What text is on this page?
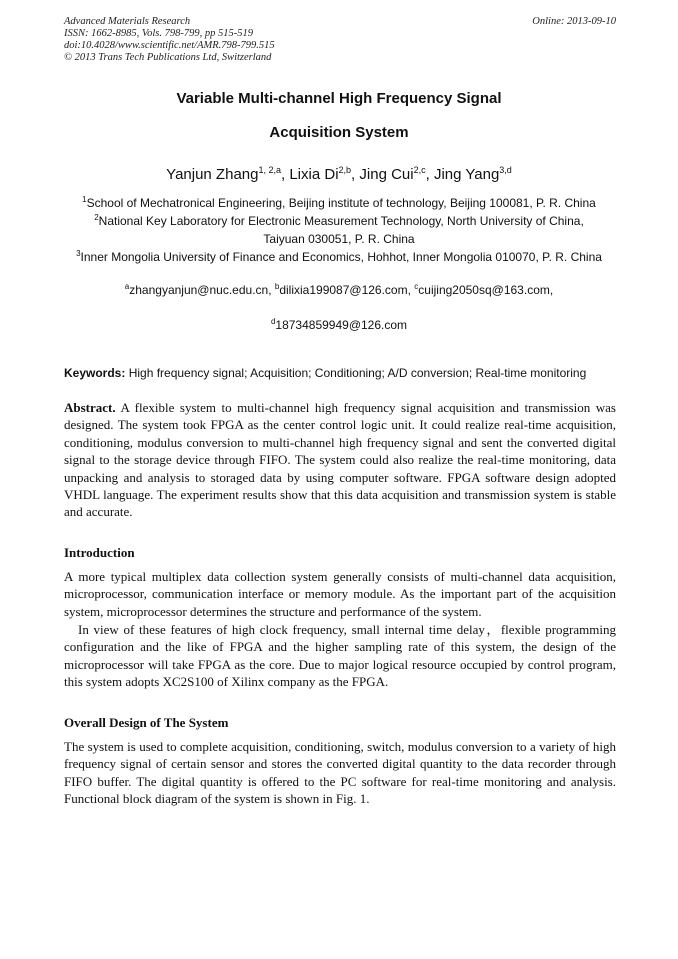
Advanced Materials Research
ISSN: 1662-8985, Vols. 798-799, pp 515-519
doi:10.4028/www.scientific.net/AMR.798-799.515
© 2013 Trans Tech Publications Ltd, Switzerland
Online: 2013-09-10
Variable Multi-channel High Frequency Signal
Acquisition System
Yanjun Zhang$^{1, 2,a}$, Lixia Di$^{2,b}$, Jing Cui$^{2,c}$, Jing Yang$^{3,d}$
$^1$School of Mechatronical Engineering, Beijing institute of technology, Beijing 100081, P. R. China
$^2$National Key Laboratory for Electronic Measurement Technology, North University of China,
Taiyuan 030051, P. R. China
$^3$Inner Mongolia University of Finance and Economics, Hohhot, Inner Mongolia 010070, P. R. China
$^a$zhangyanjun@nuc.edu.cn, $^b$dilixia199087@126.com, $^c$cuijing2050sq@163.com,
$^d$18734859949@126.com
Keywords: High frequency signal; Acquisition; Conditioning; A/D conversion; Real-time monitoring
Abstract. A flexible system to multi-channel high frequency signal acquisition and transmission was designed. The system took FPGA as the center control logic unit. It could realize real-time acquisition, conditioning, modulus conversion to multi-channel high frequency signal and sent the converted digital signal to the storage device through FIFO. The system could also realize the real-time monitoring, data unpacking and analysis to storaged data by using computer software. FPGA software design adopted VHDL language. The experiment results show that this data acquisition and transmission system is stable and accurate.
Introduction
A more typical multiplex data collection system generally consists of multi-channel data acquisition, microprocessor, communication interface or memory module. As the important part of the acquisition system, microprocessor determines the structure and performance of the system.
In view of these features of high clock frequency, small internal time delay，flexible programming configuration and the like of FPGA and the higher sampling rate of this system, the design of the microprocessor will take FPGA as the core. Due to major logical resource occupied by control program, this system adopts XC2S100 of Xilinx company as the FPGA.
Overall Design of The System
The system is used to complete acquisition, conditioning, switch, modulus conversion to a variety of high frequency signal of certain sensor and stores the converted digital quantity to the data recorder through FIFO buffer. The digital quantity is offered to the PC software for real-time monitoring and analysis. Functional block diagram of the system is shown in Fig. 1.
